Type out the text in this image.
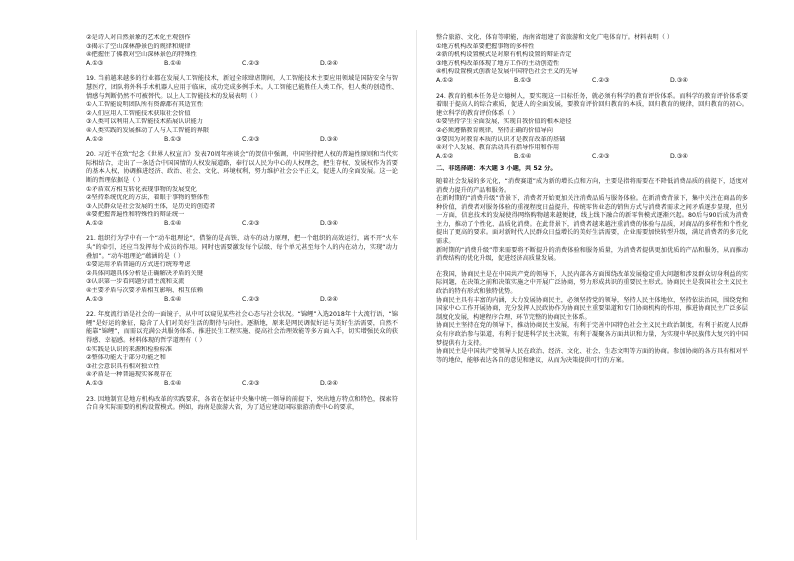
②是诗人对自然景象的艺术化主观创作
③揭示了空山深林静景色的规律和规律
④把握住了佛教对空山深林景色的特殊性
A.①③	B.①④	C.②③	D.②④
19. 当前越来越多的行业都在发展人工智能技术，新冠全球肆虐期间，人工智能技术主要应用领域是国防安全与智慧医疗，团队将外科手术机器人应用于临床，成功完成多例手术。人工智能已能胜任人类工作，但人类的创造性、情感与判断仍然不可被替代。以上人工智能技术的发展表明（ ）
①人工智能说明团队所有资源都有其适宜性
②人们应用人工智能技术获取社会价值
③人类可以利用人工智能技术拓展认识能力
④人类实践的发展推动了人与人工智能的界限
A.①②	B.①③	C.②③	D.③④
20. 习近平在致“纪念《世界人权宣言》发表70周年座谈会”的贺信中强调，中国坚持把人权的普遍性原则和当代实际相结合，走出了一条适合中国国情的人权发展道路，奉行以人民为中心的人权理念，把生存权、发展权作为首要的基本人权，协调推进经济、政治、社会、文化、环境权利，努力维护社会公平正义，促进人的全面发展。这一论断的哲理依据是（ ）
①矛盾双方相互转化表现事物的发展变化
②坚持系统优化的方法，着眼于事物的整体性
③人民群众是社会发展的主体，是历史的创造者
④要把握普遍性和特殊性的辩证统一
A.①②	B.①④	C.②③	D.③④
21. 组织行为学中有一个“动车组理论”，借鉴的是高铁、动车的动力原理，把一个组织的高效运行，离不开“火车头”的牵引，还应当发挥每个成员的作用。同时也需要激发每个层级、每个单元甚至每个人的内在动力，实现“动力叠加”。“动车组理论”蕴涵的是（ ）
①要运用矛盾普遍的方式进行统筹考虑
②具体问题具体分析是正确解决矛盾的关键
③认识第一步看问题分清主流和支流
④主要矛盾与次要矛盾相互影响、相互依赖
A.①③	B.①④	C.②③	D.②④
22. 年度流行语是社会的一面镜子，从中可以窥见某些社会心态与社会状况。“锦鲤”入选2018年十大流行语，“锦鲤”是好运的象征，隐含了人们对美好生活的期待与向往。逐渐地，原来是网民调侃好运与美好生活需要，自然不能靠“锦鲤”，而需以充满公共服务体系、推进民生工程实施、提高社会治理效能等多方面入手，切实增强民众的获得感、幸福感。材料体现的哲学道理有（ ）
①实践是认识的来源和检验标准
②整体功能大于部分功能之和
③社会意识具有相对独立性
④矛盾是一种普遍现实客观存在
A.①③	B.①④	C.②③	D.②④
23. 因地制宜是地方机构改革的实践要求，各省在保证中央集中统一领导的前提下，突出地方特点和特色，探索符合自身实际需要的机构设置模式。例如，海南是旅游大省，为了适应建设国际旅游消费中心的要求，
整合旅游、文化、体育等职能，海南省组建了省旅游和文化广电体育厅。材料表明（ ）
①地方机构改革要把握事物的多样性
②新的机构设置模式是对原有机构设置的辩证否定
③地方机构改革体现了地方工作的主动创造性
④机构设置模式创新是发展中国特色社会主义的先导
A.①②	B.①③	C.②③	D.③④
24. 教育的根本任务是立德树人，要实现这一目标任务，就必须有科学的教育评价体系。而科学的教育评价体系要着眼于提高人的综合素质，促进人的全面发展，要教育评价回归教育的本质，回归教育的规律，回归教育的初心。建立科学的教育评价体系（ ）
①要坚持学生全面发展，实现自我价值的根本途径
②必须遵循教育规律，坚持正确的价值导向
③要因为对教育本质的认识才是教育改革的基础
④对个人发展、教育活动具有指导作用和作用
A.①②	B.①④	C.②③	D.③④
二、非选择题：本大题 3 小题，共 52 分。
随着社会发展的多元化，“消费赛道”成为新的增长点和方向，主要是指将需要在不降低消费品质的前提下，适度对消费力提升的产品和服务。
在新时期的“消费升级”背景下，消费者开始更加关注消费品质与服务体验。在新消费背景下，集中关注在商品的多种价值，消费者对服务体验的重视程度日益提升，传统零售业态的销售方式与消费者需求之间矛盾逐步显现，但另一方面，信息技术的发展使得网络购物越来越便捷，线上线下融合的新零售模式逐渐兴起。80后与90后成为消费主力，推动了个性化、品质化消费。在此背景下，消费者越来越注重消费的体验与品质，对商品的多样性和个性化提出了更高的要求。面对新时代人民群众日益增长的美好生活需要，企业需要加快转型升级，满足消费者的多元化需求。
新时期的“消费升级”带来需要将不断提升的消费体验和服务质量，为消费者提供更加优质的产品和服务，从而推动消费结构的优化升级，促进经济高质量发展。
在我国，协商民主是在中国共产党的领导下，人民内部各方面围绕改革发展稳定重大问题和涉及群众切身利益的实际问题，在决策之前和决策实施之中开展广泛协商，努力形成共识的重要民主形式。协商民主是我国社会主义民主政治的特有形式和独特优势。
协商民主具有丰富的内涵，大力发展协商民主，必须坚持党的领导，坚持人民主体地位，坚持依法治国，围绕党和国家中心工作开展协商，充分发挥人民政协作为协商民主重要渠道和专门协商机构的作用，推进协商民主广泛多层制度化发展，构建程序合理、环节完整的协商民主体系。
协商民主坚持在党的领导下，推动协商民主发展，有利于完善中国特色社会主义民主政治制度，有利于拓宽人民群众有序政治参与渠道，有利于促进科学民主决策，有利于凝聚各方面共识和力量，为实现中华民族伟大复兴的中国梦提供有力支持。
协商民主是中国共产党领导人民在政治、经济、文化、社会、生态文明等方面的协商。参加协商的各方具有相对平等的地位，能够表达各自的意见和建议，从而为决策提供可行的方案。
